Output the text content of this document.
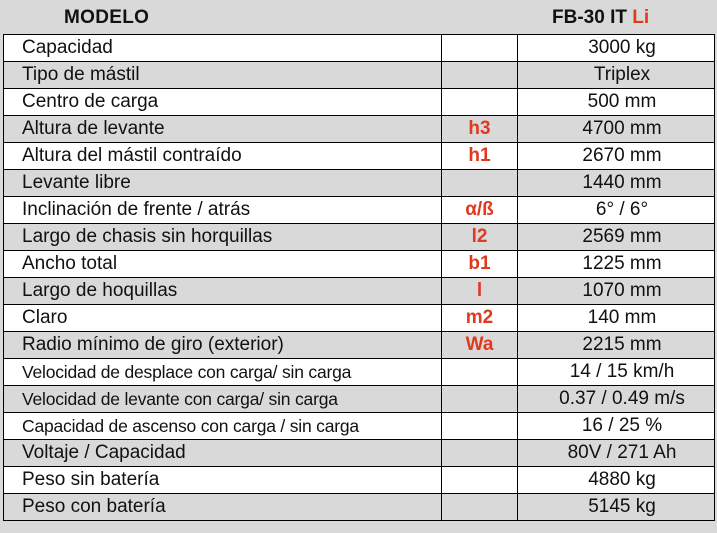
MODELO	FB-30 IT Li
Capacidad		3000 kg
Tipo de mástil		Triplex
Centro de carga		500 mm
Altura de levante	h3	4700 mm
Altura del mástil contraído	h1	2670 mm
Levante libre		1440 mm
Inclinación de frente / atrás	α/ß	6° / 6°
Largo de chasis sin horquillas	l2	2569 mm
Ancho total	b1	1225 mm
Largo de hoquillas	l	1070 mm
Claro	m2	140 mm
Radio mínimo de giro (exterior)	Wa	2215 mm
Velocidad de desplace con carga/ sin carga		14 / 15 km/h
Velocidad de levante con carga/ sin carga		0.37 / 0.49 m/s
Capacidad de ascenso con carga / sin carga		16 / 25 %
Voltaje / Capacidad		80V / 271 Ah
Peso sin batería		4880 kg
Peso con batería		5145 kg
